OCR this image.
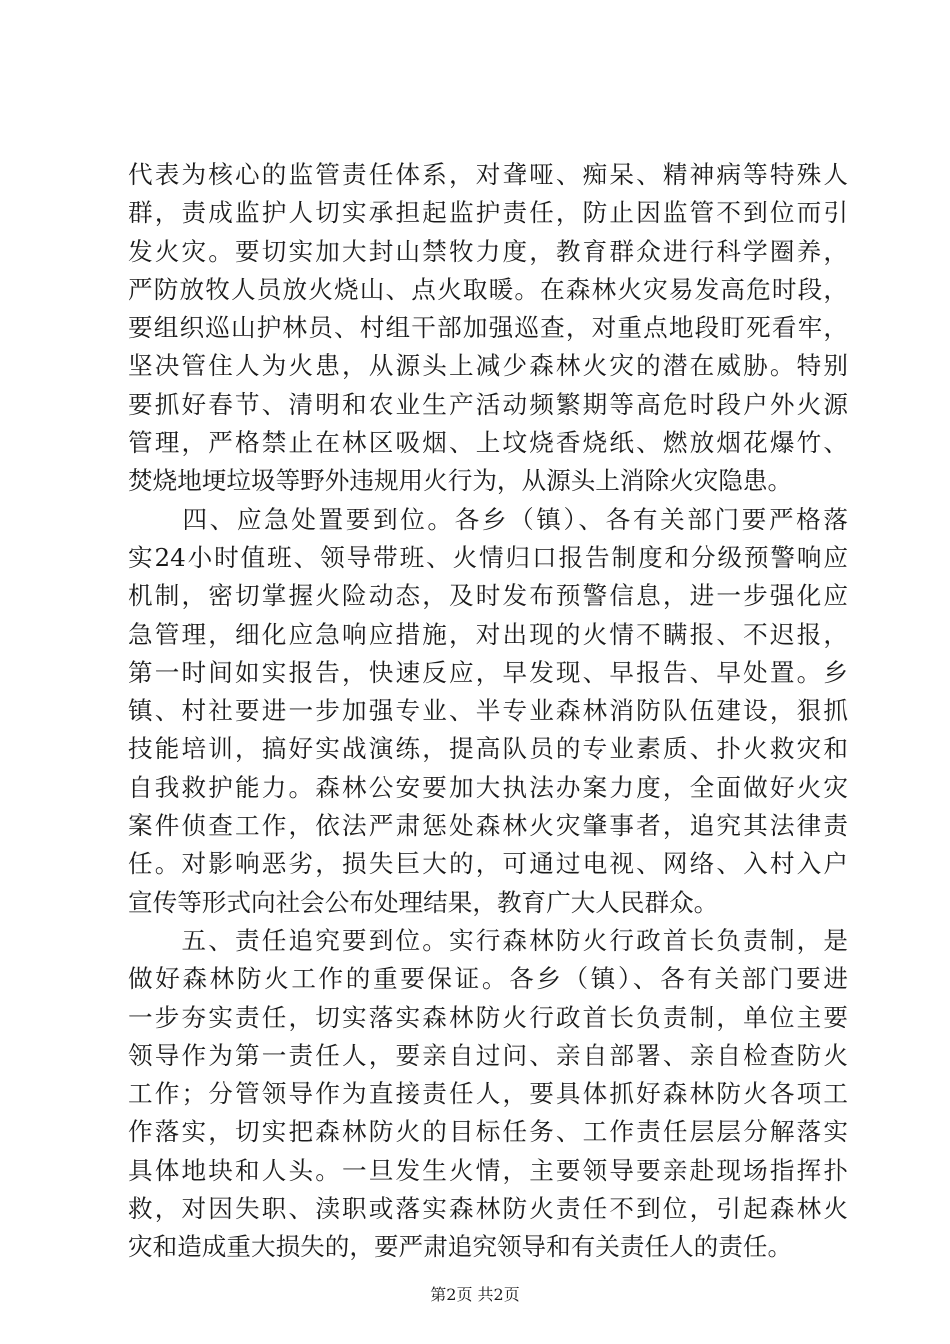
代表为核心的监管责任体系，对聋哑、痴呆、精神病等特殊人
群，责成监护人切实承担起监护责任，防止因监管不到位而引
发火灾。要切实加大封山禁牧力度，教育群众进行科学圈养，
严防放牧人员放火烧山、点火取暖。在森林火灾易发高危时段，
要组织巡山护林员、村组干部加强巡查，对重点地段盯死看牢，
坚决管住人为火患，从源头上减少森林火灾的潜在威胁。特别
要抓好春节、清明和农业生产活动频繁期等高危时段户外火源
管理，严格禁止在林区吸烟、上坟烧香烧纸、燃放烟花爆竹、
焚烧地埂垃圾等野外违规用火行为，从源头上消除火灾隐患。
　　四、应急处置要到位。各乡（镇）、各有关部门要严格落
实24小时值班、领导带班、火情归口报告制度和分级预警响应
机制，密切掌握火险动态，及时发布预警信息，进一步强化应
急管理，细化应急响应措施，对出现的火情不瞒报、不迟报，
第一时间如实报告，快速反应，早发现、早报告、早处置。乡
镇、村社要进一步加强专业、半专业森林消防队伍建设，狠抓
技能培训，搞好实战演练，提高队员的专业素质、扑火救灾和
自我救护能力。森林公安要加大执法办案力度，全面做好火灾
案件侦查工作，依法严肃惩处森林火灾肇事者，追究其法律责
任。对影响恶劣，损失巨大的，可通过电视、网络、入村入户
宣传等形式向社会公布处理结果，教育广大人民群众。
　　五、责任追究要到位。实行森林防火行政首长负责制，是
做好森林防火工作的重要保证。各乡（镇）、各有关部门要进
一步夯实责任，切实落实森林防火行政首长负责制，单位主要
领导作为第一责任人，要亲自过问、亲自部署、亲自检查防火
工作；分管领导作为直接责任人，要具体抓好森林防火各项工
作落实，切实把森林防火的目标任务、工作责任层层分解落实
具体地块和人头。一旦发生火情，主要领导要亲赴现场指挥扑
救，对因失职、渎职或落实森林防火责任不到位，引起森林火
灾和造成重大损失的，要严肃追究领导和有关责任人的责任。
第2页 共2页
